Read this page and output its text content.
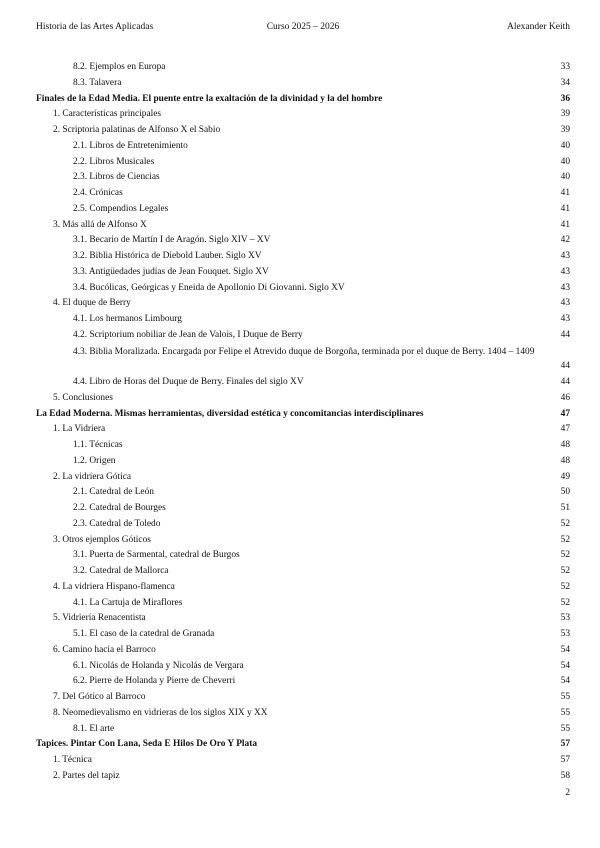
Historia de las Artes Aplicadas	Curso 2025 – 2026	Alexander Keith
8.2. Ejemplos en Europa	33
8.3. Talavera	34
Finales de la Edad Media. El puente entre la exaltación de la divinidad y la del hombre	36
1. Características principales	39
2. Scriptoria palatinas de Alfonso X el Sabio	39
2.1. Libros de Entretenimiento	40
2.2. Libros Musicales	40
2.3. Libros de Ciencias	40
2.4. Crónicas	41
2.5. Compendios Legales	41
3. Más allá de Alfonso X	41
3.1. Becario de Martín I de Aragón. Siglo XIV – XV	42
3.2. Biblia Histórica de Diebold Lauber. Siglo XV	43
3.3. Antigüedades judías de Jean Fouquet. Siglo XV	43
3.4. Bucólicas, Geórgicas y Eneida de Apollonio Di Giovanni. Siglo XV	43
4. El duque de Berry	43
4.1. Los hermanos Limbourg	43
4.2. Scriptorium nobiliar de Jean de Valois, I Duque de Berry	44
4.3. Biblia Moralizada. Encargada por Felipe el Atrevido duque de Borgoña, terminada por el duque de Berry. 1404 – 1409
44
4.4. Libro de Horas del Duque de Berry. Finales del siglo XV	44
5. Conclusiones	46
La Edad Moderna. Mismas herramientas, diversidad estética y concomitancias interdisciplinares	47
1. La Vidriera	47
1.1. Técnicas	48
1.2. Origen	48
2. La vidriera Gótica	49
2.1. Catedral de León	50
2.2. Catedral de Bourges	51
2.3. Catedral de Toledo	52
3. Otros ejemplos Góticos	52
3.1. Puerta de Sarmental, catedral de Burgos	52
3.2. Catedral de Mallorca	52
4. La vidriera Hispano-flamenca	52
4.1. La Cartuja de Miraflores	52
5. Vidriería Renacentista	53
5.1. El caso de la catedral de Granada	53
6. Camino hacia el Barroco	54
6.1. Nicolás de Holanda y Nicolás de Vergara	54
6.2. Pierre de Holanda y Pierre de Cheverri	54
7. Del Gótico al Barroco	55
8. Neomedievalismo en vidrieras de los siglos XIX y XX	55
8.1. El arte	55
Tapices. Pintar Con Lana, Seda E Hilos De Oro Y Plata	57
1. Técnica	57
2. Partes del tapiz	58
2
